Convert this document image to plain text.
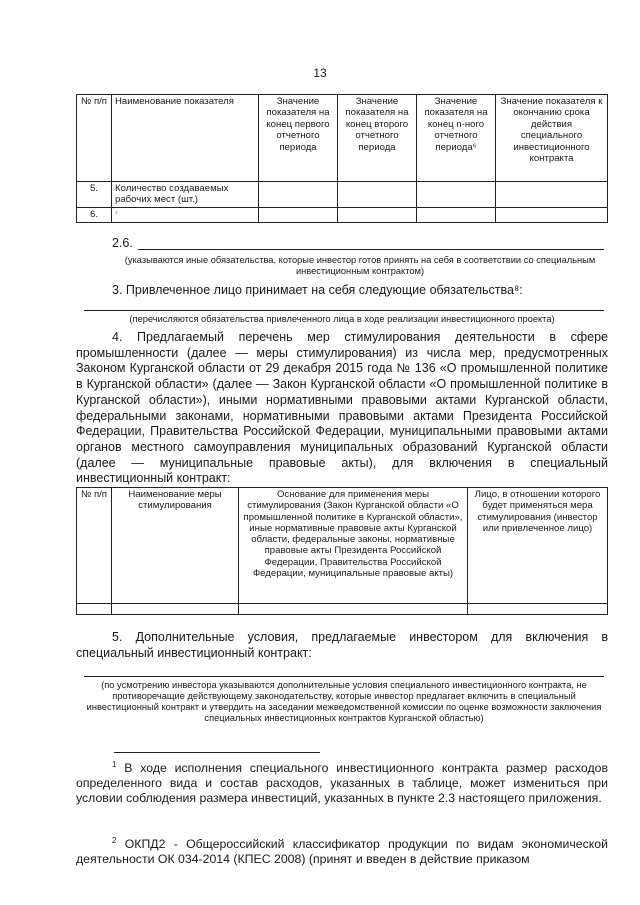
13
№ п/п	Наименование показателя	Значение показателя на конец первого отчетного периода	Значение показателя на конец второго отчетного периода	Значение показателя на конец n-ного отчетного периода⁶	Значение показателя к окончанию срока действия специального инвестиционного контракта
5.	Количество создаваемых рабочих мест (шт.)				
6.	⁷				
2.6.
(указываются иные обязательства, которые инвестор готов принять на себя в соответствии со специальным инвестиционным контрактом)
3. Привлеченное лицо принимает на себя следующие обязательства⁸:
(перечисляются обязательства привлеченного лица в ходе реализации инвестиционного проекта)
4. Предлагаемый перечень мер стимулирования деятельности в сфере промышленности (далее — меры стимулирования) из числа мер, предусмотренных Законом Курганской области от 29 декабря 2015 года № 136 «О промышленной политике в Курганской области» (далее — Закон Курганской области «О промышленной политике в Курганской области»), иными нормативными правовыми актами Курганской области, федеральными законами, нормативными правовыми актами Президента Российской Федерации, Правительства Российской Федерации, муниципальными правовыми актами органов местного самоуправления муниципальных образований Курганской области (далее — муниципальные правовые акты), для включения в специальный инвестиционный контракт:
№ п/п	Наименование меры стимулирования	Основание для применения меры стимулирования (Закон Курганской области «О промышленной политике в Курганской области», иные нормативные правовые акты Курганской области, федеральные законы, нормативные правовые акты Президента Российской Федерации, Правительства Российской Федерации, муниципальные правовые акты)	Лицо, в отношении которого будет применяться мера стимулирования (инвестор или привлеченное лицо)

5. Дополнительные условия, предлагаемые инвестором для включения в специальный инвестиционный контракт:
(по усмотрению инвестора указываются дополнительные условия специального инвестиционного контракта, не противоречащие действующему законодательству, которые инвестор предлагает включить в специальный инвестиционный контракт и утвердить на заседании межведомственной комиссии по оценке возможности заключения специальных инвестиционных контрактов Курганской областью)
$^1$ В ходе исполнения специального инвестиционного контракта размер расходов определенного вида и состав расходов, указанных в таблице, может измениться при условии соблюдения размера инвестиций, указанных в пункте 2.3 настоящего приложения.
$^2$ ОКПД2 - Общероссийский классификатор продукции по видам экономической деятельности ОК 034-2014 (КПЕС 2008) (принят и введен в действие приказом
